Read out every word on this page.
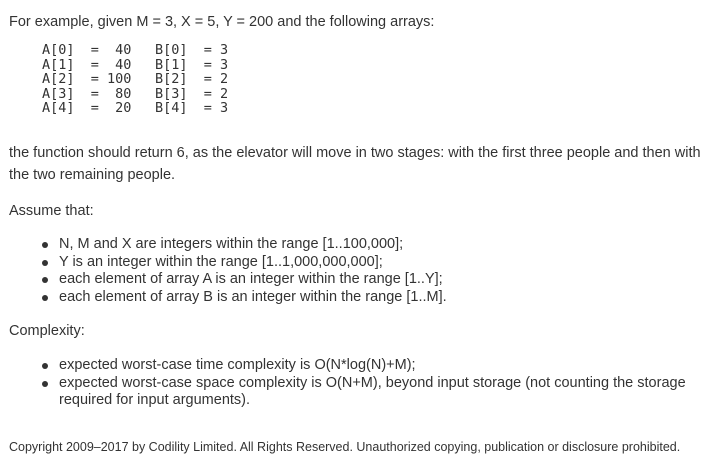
For example, given M = 3, X = 5, Y = 200 and the following arrays:

A[0]  =  40	B[0]  = 3
A[1]  =  40	B[1]  = 3
A[2]  = 100	B[2]  = 2
A[3]  =  80	B[3]  = 2
A[4]  =  20	B[4]  = 3

the function should return 6, as the elevator will move in two stages: with the first three people and then with the two remaining people.

Assume that:

N, M and X are integers within the range [1..100,000];
Y is an integer within the range [1..1,000,000,000];
each element of array A is an integer within the range [1..Y];
each element of array B is an integer within the range [1..M].

Complexity:

expected worst-case time complexity is O(N*log(N)+M);
expected worst-case space complexity is O(N+M), beyond input storage (not counting the storage required for input arguments).

Copyright 2009–2017 by Codility Limited. All Rights Reserved. Unauthorized copying, publication or disclosure prohibited.
